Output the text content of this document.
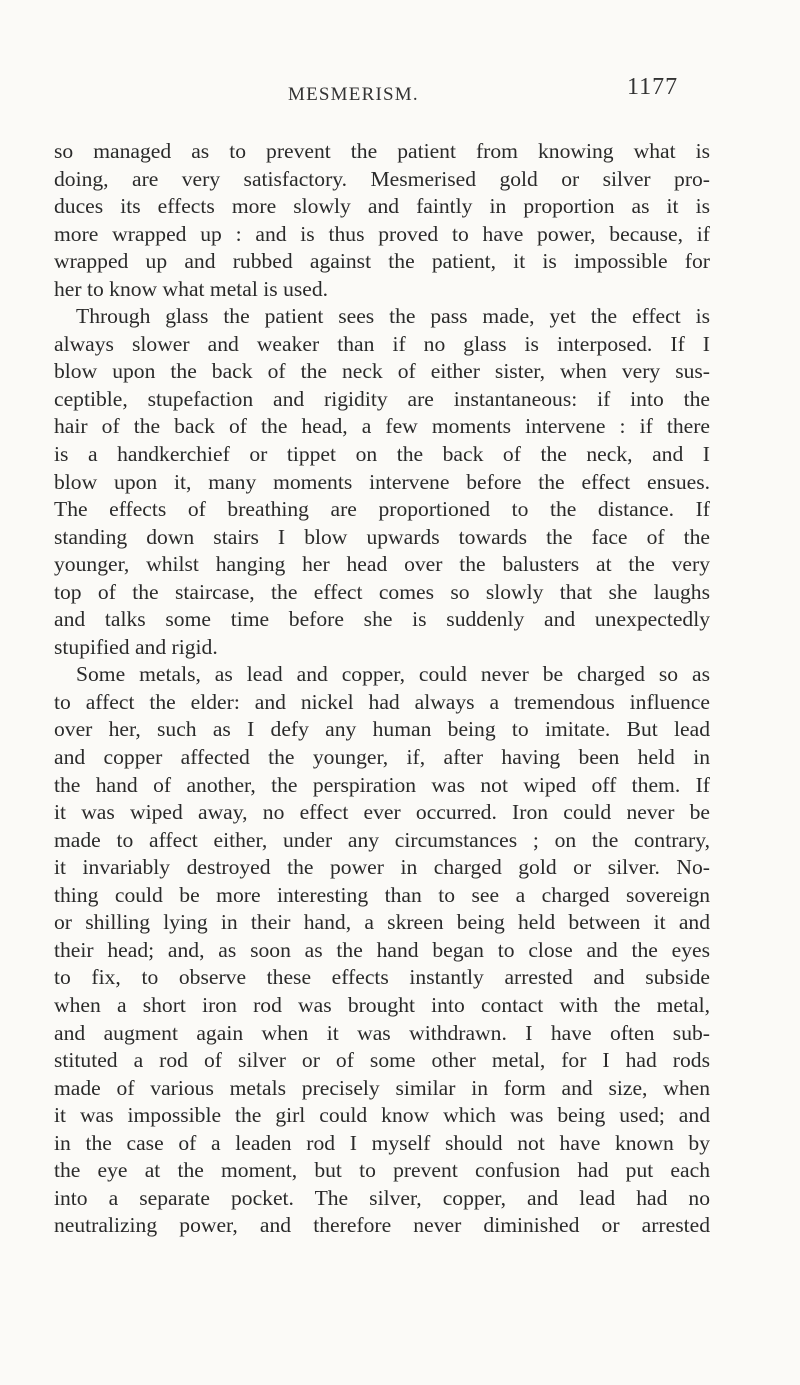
MESMERISM.	1177
so managed as to prevent the patient from knowing what is
doing, are very satisfactory. Mesmerised gold or silver pro-
duces its effects more slowly and faintly in proportion as it is
more wrapped up : and is thus proved to have power, because, if
wrapped up and rubbed against the patient, it is impossible for
her to know what metal is used.
Through glass the patient sees the pass made, yet the effect is
always slower and weaker than if no glass is interposed. If I
blow upon the back of the neck of either sister, when very sus-
ceptible, stupefaction and rigidity are instantaneous: if into the
hair of the back of the head, a few moments intervene : if there
is a handkerchief or tippet on the back of the neck, and I
blow upon it, many moments intervene before the effect ensues.
The effects of breathing are proportioned to the distance. If
standing down stairs I blow upwards towards the face of the
younger, whilst hanging her head over the balusters at the very
top of the staircase, the effect comes so slowly that she laughs
and talks some time before she is suddenly and unexpectedly
stupified and rigid.
Some metals, as lead and copper, could never be charged so as
to affect the elder: and nickel had always a tremendous influence
over her, such as I defy any human being to imitate. But lead
and copper affected the younger, if, after having been held in
the hand of another, the perspiration was not wiped off them. If
it was wiped away, no effect ever occurred. Iron could never be
made to affect either, under any circumstances ; on the contrary,
it invariably destroyed the power in charged gold or silver. No-
thing could be more interesting than to see a charged sovereign
or shilling lying in their hand, a skreen being held between it and
their head; and, as soon as the hand began to close and the eyes
to fix, to observe these effects instantly arrested and subside
when a short iron rod was brought into contact with the metal,
and augment again when it was withdrawn. I have often sub-
stituted a rod of silver or of some other metal, for I had rods
made of various metals precisely similar in form and size, when
it was impossible the girl could know which was being used; and
in the case of a leaden rod I myself should not have known by
the eye at the moment, but to prevent confusion had put each
into a separate pocket. The silver, copper, and lead had no
neutralizing power, and therefore never diminished or arrested
